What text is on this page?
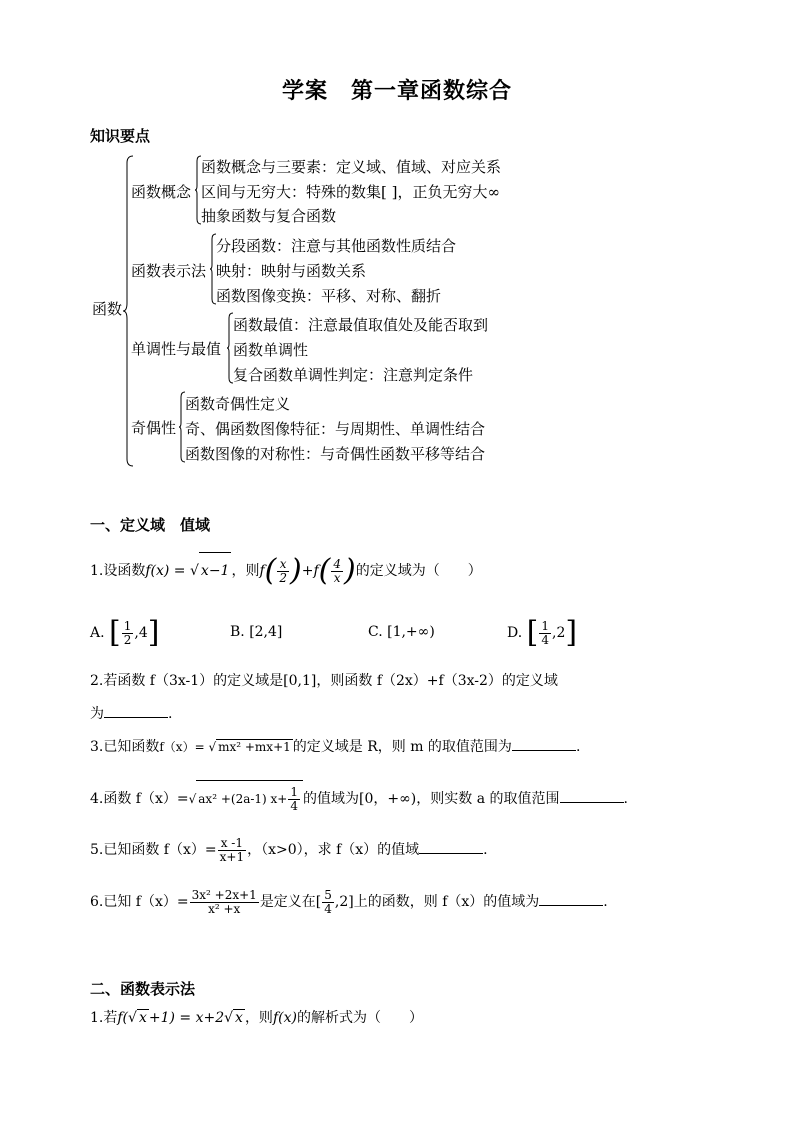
学案　第一章函数综合
知识要点
函数
函数概念
函数概念与三要素：定义域、值域、对应关系
区间与无穷大：特殊的数集[ ]，正负无穷大∞
抽象函数与复合函数
函数表示法
分段函数：注意与其他函数性质结合
映射：映射与函数关系
函数图像变换：平移、对称、翻折
单调性与最值
函数最值：注意最值取值处及能否取到
函数单调性
复合函数单调性判定：注意判定条件
奇偶性
函数奇偶性定义
奇、偶函数图像特征：与周期性、单调性结合
函数图像的对称性：与奇偶性函数平移等结合
一、定义域　值域
1.设函数f(x) = √ x−1 ，则$f( \frac{x}{2} )+f( \frac{4}{x}$ )的定义域为（　　）
A. [ $\frac{1}{2} ,4$]	B. [2,4]	C. [1,+∞)	D. [ $\frac{1}{4} ,2$]
2.若函数 f（3x-1）的定义域是[0,1]，则函数 f（2x）+f（3x-2）的定义域
为	.
3.已知函数f（x）= √ mx² +mx+1 的定义域是 R，则 m 的取值范围为	.
4.函数 f（x）=√ ax² +(2a-1) $x+ \frac{1}{4}$ 的值域为[0，+∞)，则实数 a 的取值范围	.
5.已知函数 $f(x)= \frac{x -1}{x+1}$ ，（x>0），求 f（x）的值域	.
6.已知 $f(x)= \frac{\text{3x² +2x+1}}{\text{x² +x}}$ 是定义在[ $\frac{5}{4} ,2$]上的函数，则 f（x）的值域为	.
二、函数表示法
1.若f(√ x +1) = x+2√ x ，则f(x)的解析式为（　　）
